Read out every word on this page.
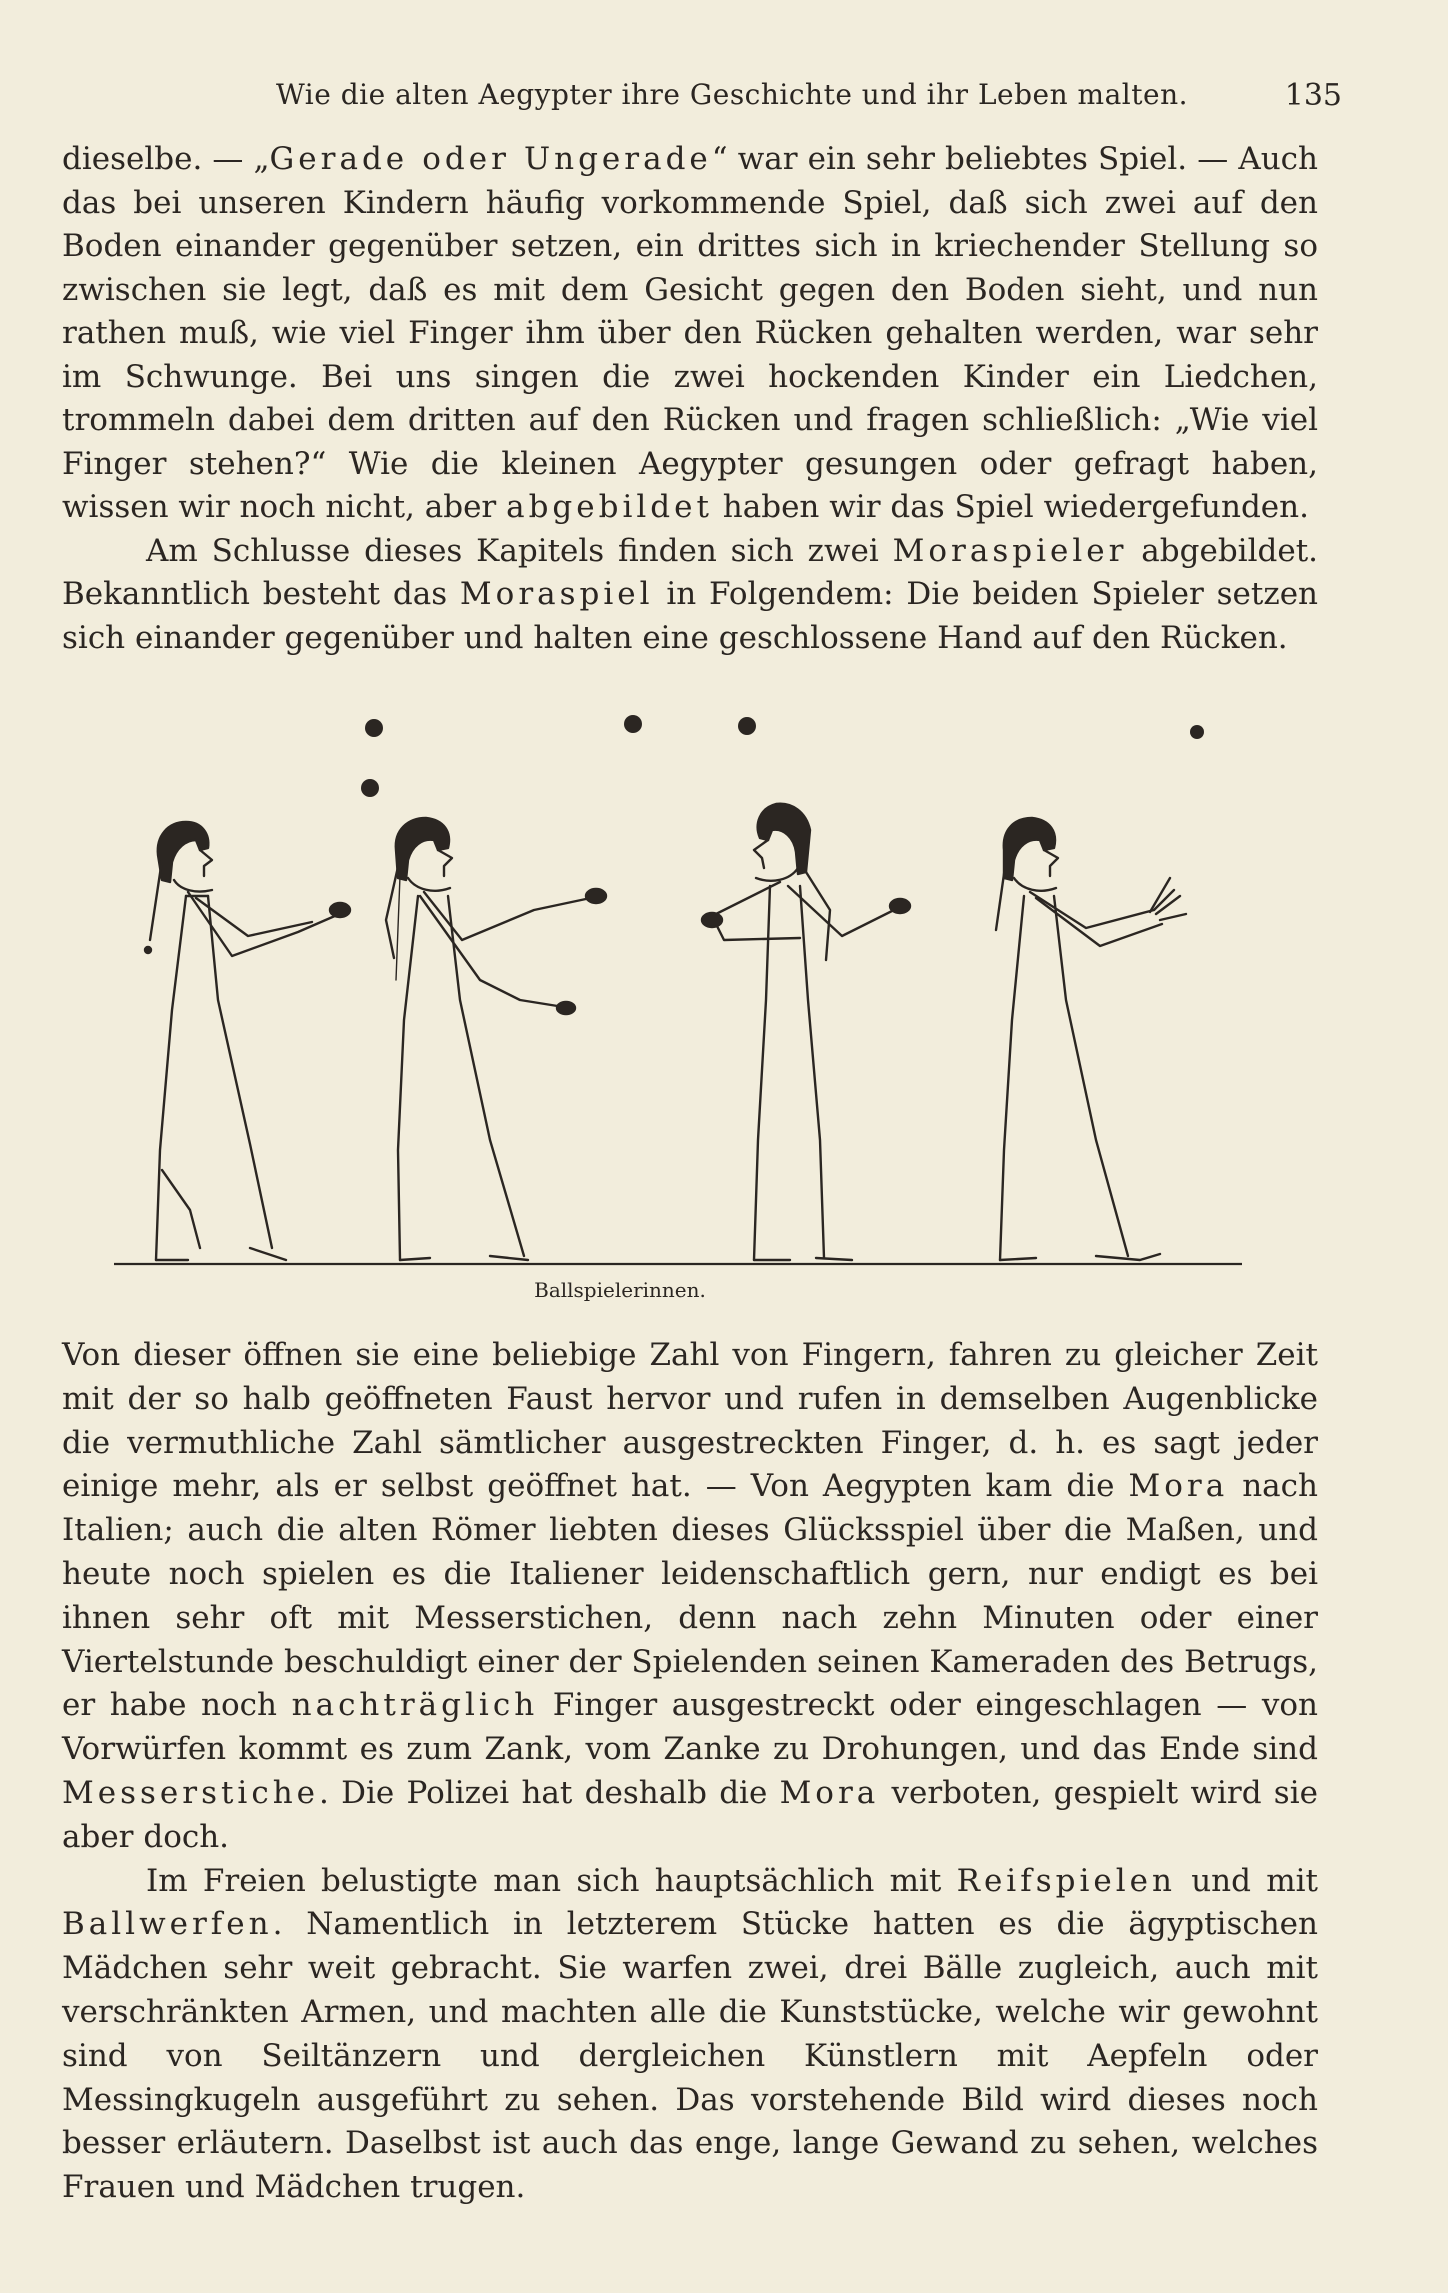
Wie die alten Aegypter ihre Geschichte und ihr Leben malten.	135

dieselbe. — „Gerade oder Ungerade“ war ein sehr beliebtes Spiel. — Auch das bei unseren Kindern häufig vorkommende Spiel, daß sich zwei auf den Boden einander gegenüber setzen, ein drittes sich in kriechender Stellung so zwischen sie legt, daß es mit dem Gesicht gegen den Boden sieht, und nun rathen muß, wie viel Finger ihm über den Rücken gehalten werden, war sehr im Schwunge. Bei uns singen die zwei hockenden Kinder ein Liedchen, trommeln dabei dem dritten auf den Rücken und fragen schließlich: „Wie viel Finger stehen?“ Wie die kleinen Aegypter gesungen oder gefragt haben, wissen wir noch nicht, aber abgebildet haben wir das Spiel wiedergefunden.

Am Schlusse dieses Kapitels finden sich zwei Moraspieler abgebildet. Bekanntlich besteht das Moraspiel in Folgendem: Die beiden Spieler setzen sich einander gegenüber und halten eine geschlossene Hand auf den Rücken.

Ballspielerinnen.

Von dieser öffnen sie eine beliebige Zahl von Fingern, fahren zu gleicher Zeit mit der so halb geöffneten Faust hervor und rufen in demselben Augenblicke die vermuthliche Zahl sämtlicher ausgestreckten Finger, d. h. es sagt jeder einige mehr, als er selbst geöffnet hat. — Von Aegypten kam die Mora nach Italien; auch die alten Römer liebten dieses Glücksspiel über die Maßen, und heute noch spielen es die Italiener leidenschaftlich gern, nur endigt es bei ihnen sehr oft mit Messerstichen, denn nach zehn Minuten oder einer Viertelstunde beschuldigt einer der Spielenden seinen Kameraden des Betrugs, er habe noch nachträglich Finger ausgestreckt oder eingeschlagen — von Vorwürfen kommt es zum Zank, vom Zanke zu Drohungen, und das Ende sind Messerstiche. Die Polizei hat deshalb die Mora verboten, gespielt wird sie aber doch.

Im Freien belustigte man sich hauptsächlich mit Reifspielen und mit Ballwerfen. Namentlich in letzterem Stücke hatten es die ägyptischen Mädchen sehr weit gebracht. Sie warfen zwei, drei Bälle zugleich, auch mit verschränkten Armen, und machten alle die Kunststücke, welche wir gewohnt sind von Seiltänzern und dergleichen Künstlern mit Aepfeln oder Messingkugeln ausgeführt zu sehen. Das vorstehende Bild wird dieses noch besser erläutern. Daselbst ist auch das enge, lange Gewand zu sehen, welches Frauen und Mädchen trugen.
